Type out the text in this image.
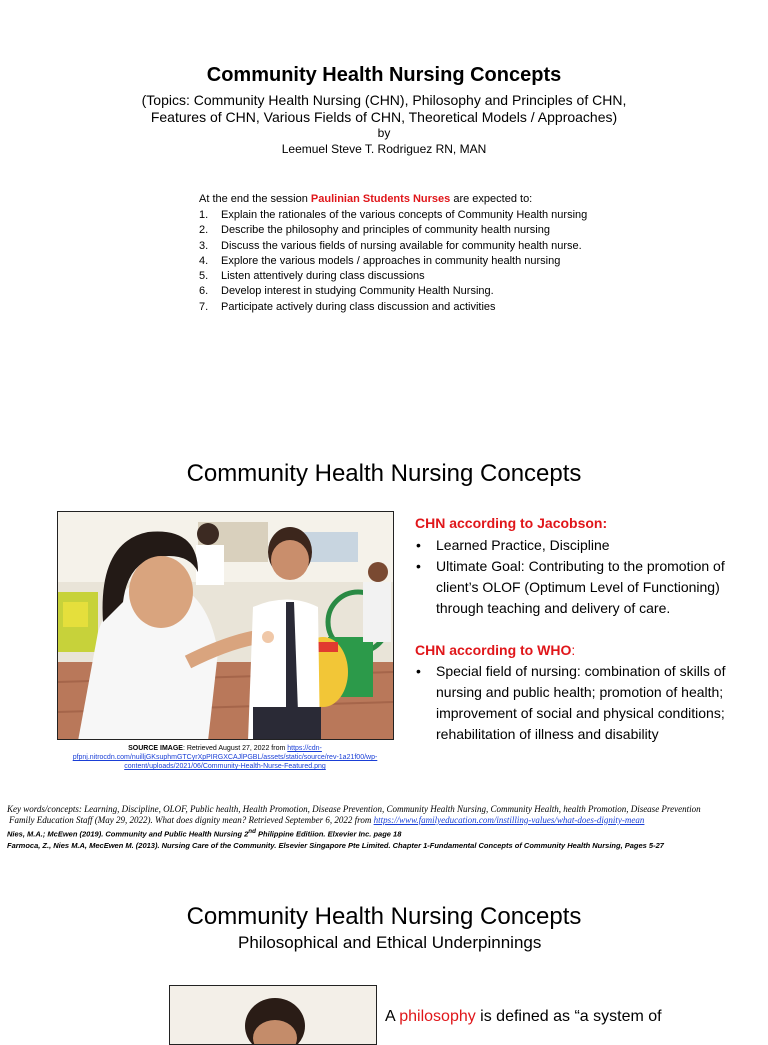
Community Health Nursing Concepts
(Topics: Community Health Nursing (CHN), Philosophy and Principles of CHN,
Features of CHN, Various Fields of CHN, Theoretical Models / Approaches)
by
Leemuel Steve T. Rodriguez RN, MAN
At the end the session Paulinian Students Nurses are expected to:
1. Explain the rationales of the various concepts of Community Health nursing
2. Describe the philosophy and principles of community health nursing
3. Discuss the various fields of nursing available for community health nurse.
4. Explore the various models / approaches in community health nursing
5. Listen attentively during class discussions
6. Develop interest in studying Community Health Nursing.
7. Participate actively during class discussion and activities
Community Health Nursing Concepts
SOURCE IMAGE: Retrieved August 27, 2022 from https://cdn-pfpnj.nitrocdn.com/nuilljGKsuphmGTCyrXpPIRGXCAJlPGBL/assets/static/source/rev-1a21f00/wp-content/uploads/2021/06/Community-Health-Nurse-Featured.png
CHN according to Jacobson:
• Learned Practice, Discipline
• Ultimate Goal: Contributing to the promotion of client’s OLOF (Optimum Level of Functioning) through teaching and delivery of care.
CHN according to WHO:
• Special field of nursing: combination of skills of nursing and public health; promotion of health; improvement of social and physical conditions; rehabilitation of illness and disability
Key words/concepts: Learning, Discipline, OLOF, Public health, Health Promotion, Disease Prevention, Community Health Nursing, Community Health, health Promotion, Disease Prevention
Family Education Staff (May 29, 2022). What does dignity mean? Retrieved September 6, 2022 from https://www.familyeducation.com/instilling-values/what-does-dignity-mean
Nies, M.A.; McEwen (2019). Community and Public Health Nursing 2nd Philippine Editiion. Elxevier Inc. page 18
Farmoca, Z., Nies M.A, MecEwen M. (2013). Nursing Care of the Community. Elsevier Singapore Pte Limited. Chapter 1-Fundamental Concepts of Community Health Nursing, Pages 5-27
Community Health Nursing Concepts
Philosophical and Ethical Underpinnings
A philosophy is defined as “a system of
